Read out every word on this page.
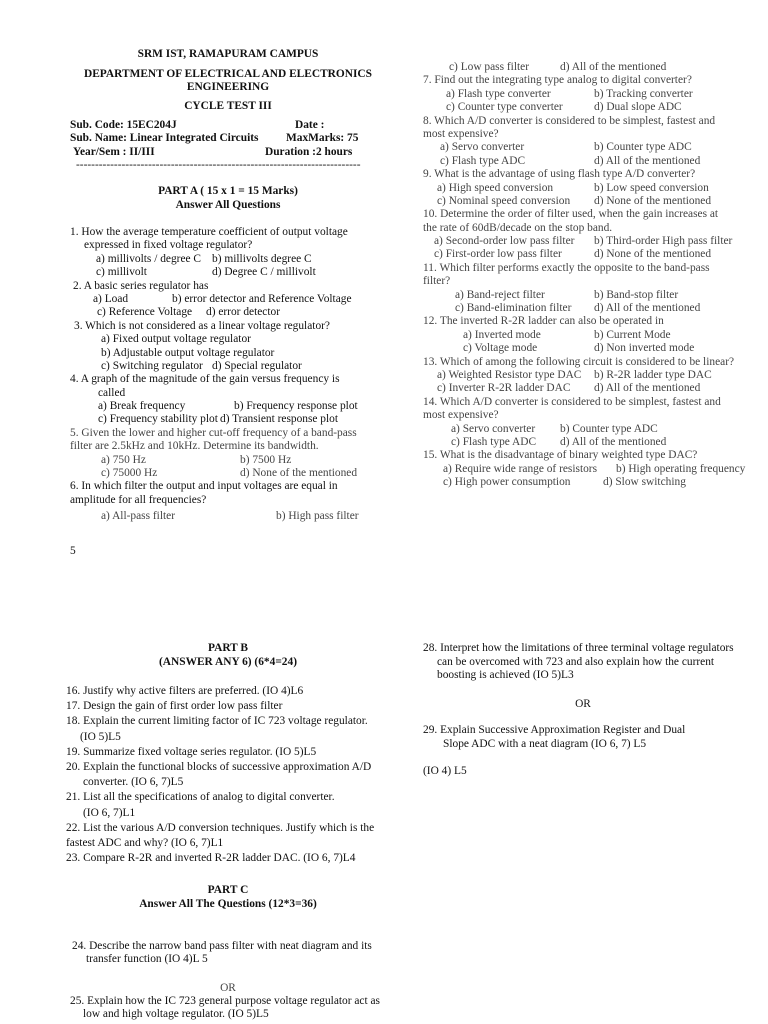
SRM IST, RAMAPURAM CAMPUS
DEPARTMENT OF ELECTRICAL AND ELECTRONICS
ENGINEERING
CYCLE TEST III
Sub. Code: 15EC204J	Date :
Sub. Name: Linear Integrated Circuits MaxMarks: 75
Year/Sem : II/III	Duration :2 hours
---------------------------------------------------------------------------
PART A ( 15 x 1 = 15 Marks)
Answer All Questions
1. How the average temperature coefficient of output voltage
expressed in fixed voltage regulator?
a) millivolts / degree C b) millivolts degree C
c) millivolt	d) Degree C / millivolt
2. A basic series regulator has
a) Load	b) error detector and Reference Voltage
c) Reference Voltage d) error detector
3. Which is not considered as a linear voltage regulator?
a) Fixed output voltage regulator
b) Adjustable output voltage regulator
c) Switching regulator d) Special regulator
4. A graph of the magnitude of the gain versus frequency is
called
a) Break frequency	b) Frequency response plot
c) Frequency stability plot d) Transient response plot
5. Given the lower and higher cut-off frequency of a band-pass
filter are 2.5kHz and 10kHz. Determine its bandwidth.
a) 750 Hz	b) 7500 Hz
c) 75000 Hz	d) None of the mentioned
6. In which filter the output and input voltages are equal in
amplitude for all frequencies?
a) All-pass filter	b) High pass filter
5
c) Low pass filter	d) All of the mentioned
7. Find out the integrating type analog to digital converter?
a) Flash type converter	b) Tracking converter
c) Counter type converter	d) Dual slope ADC
8. Which A/D converter is considered to be simplest, fastest and
most expensive?
a) Servo converter	b) Counter type ADC
c) Flash type ADC	d) All of the mentioned
9. What is the advantage of using flash type A/D converter?
a) High speed conversion	b) Low speed conversion
c) Nominal speed conversion d) None of the mentioned
10. Determine the order of filter used, when the gain increases at
the rate of 60dB/decade on the stop band.
a) Second-order low pass filter b) Third-order High pass filter
c) First-order low pass filter	d) None of the mentioned
11. Which filter performs exactly the opposite to the band-pass
filter?
a) Band-reject filter	b) Band-stop filter
c) Band-elimination filter d) All of the mentioned
12. The inverted R-2R ladder can also be operated in
a) Inverted mode	b) Current Mode
c) Voltage mode	d) Non inverted mode
13. Which of among the following circuit is considered to be linear?
a) Weighted Resistor type DAC b) R-2R ladder type DAC
c) Inverter R-2R ladder DAC d) All of the mentioned
14. Which A/D converter is considered to be simplest, fastest and
most expensive?
a) Servo converter b) Counter type ADC
c) Flash type ADC d) All of the mentioned
15. What is the disadvantage of binary weighted type DAC?
a) Require wide range of resistors b) High operating frequency
c) High power consumption	d) Slow switching
PART B
(ANSWER ANY 6) (6*4=24)
16. Justify why active filters are preferred. (IO 4)L6
17. Design the gain of first order low pass filter
18. Explain the current limiting factor of IC 723 voltage regulator.
(IO 5)L5
19. Summarize fixed voltage series regulator. (IO 5)L5
20. Explain the functional blocks of successive approximation A/D
converter. (IO 6, 7)L5
21. List all the specifications of analog to digital converter.
(IO 6, 7)L1
22. List the various A/D conversion techniques. Justify which is the
fastest ADC and why? (IO 6, 7)L1
23. Compare R-2R and inverted R-2R ladder DAC. (IO 6, 7)L4
PART C
Answer All The Questions (12*3=36)
24. Describe the narrow band pass filter with neat diagram and its
transfer function (IO 4)L 5
OR
25. Explain how the IC 723 general purpose voltage regulator act as
low and high voltage regulator. (IO 5)L5
28. Interpret how the limitations of three terminal voltage regulators
can be overcomed with 723 and also explain how the current
boosting is achieved (IO 5)L3
OR
29. Explain Successive Approximation Register and Dual
Slope ADC with a neat diagram (IO 6, 7) L5
(IO 4) L5
